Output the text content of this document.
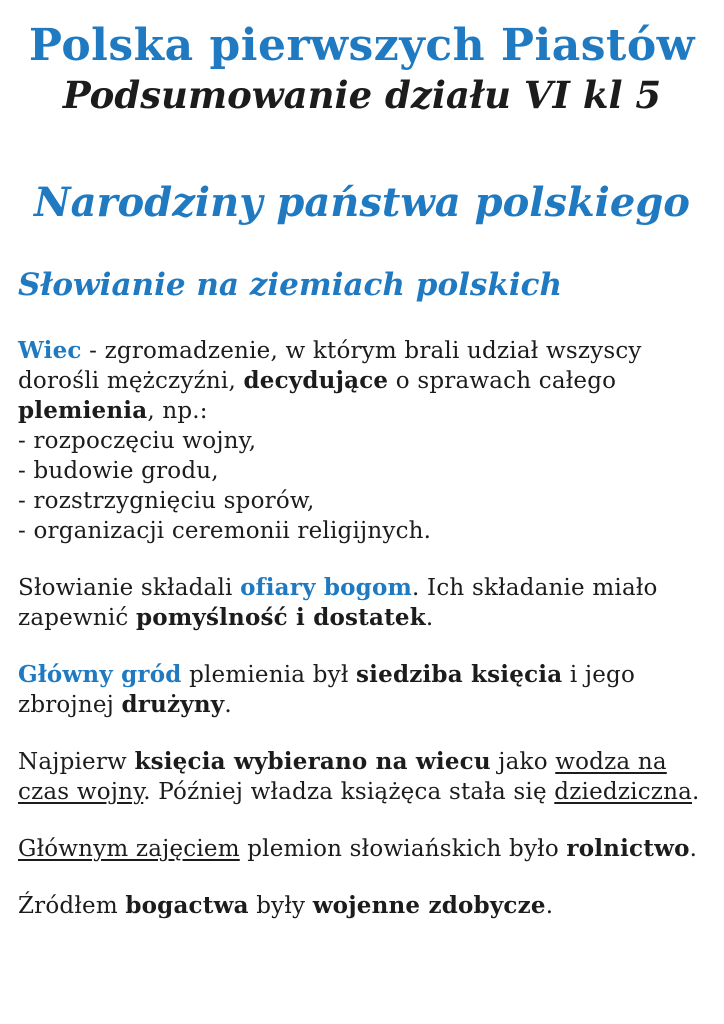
Polska pierwszych Piastów
Podsumowanie działu VI kl 5
Narodziny państwa polskiego
Słowianie na ziemiach polskich

Wiec - zgromadzenie, w którym brali udział wszyscy
dorośli mężczyźni, decydujące o sprawach całego
plemienia, np.:
- rozpoczęciu wojny,
- budowie grodu,
- rozstrzygnięciu sporów,
- organizacji ceremonii religijnych.

Słowianie składali ofiary bogom. Ich składanie miało
zapewnić pomyślność i dostatek.

Główny gród plemienia był siedziba księcia i jego
zbrojnej drużyny.

Najpierw księcia wybierano na wiecu jako wodza na
czas wojny. Później władza książęca stała się dziedziczna.

Głównym zajęciem plemion słowiańskich było rolnictwo.

Źródłem bogactwa były wojenne zdobycze.
